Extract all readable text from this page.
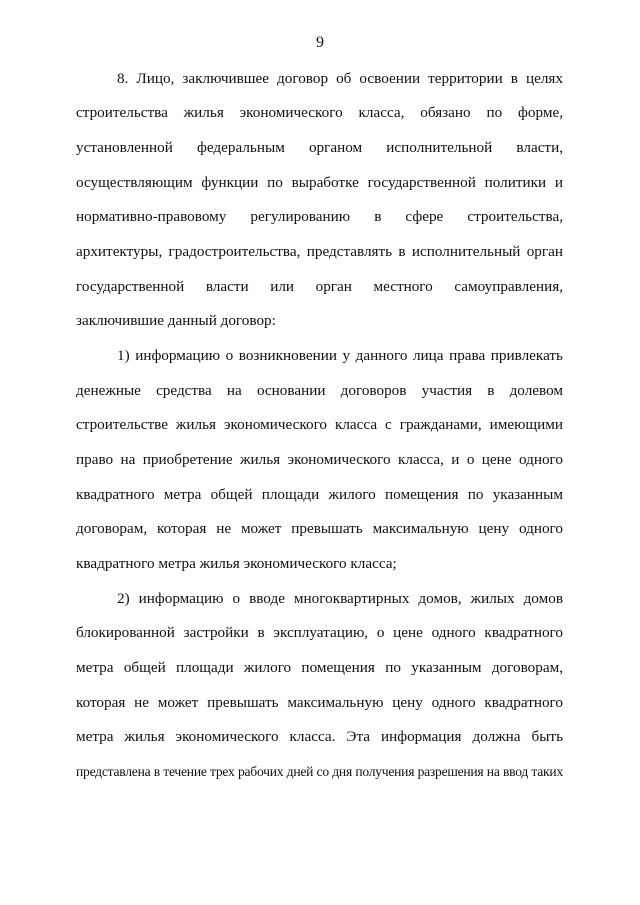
9
8. Лицо, заключившее договор об освоении территории в целях
строительства жилья экономического класса, обязано по форме,
установленной федеральным органом исполнительной власти,
осуществляющим функции по выработке государственной политики и
нормативно-правовому регулированию в сфере строительства,
архитектуры, градостроительства, представлять в исполнительный орган
государственной власти или орган местного самоуправления,
заключившие данный договор:
1) информацию о возникновении у данного лица права привлекать
денежные средства на основании договоров участия в долевом
строительстве жилья экономического класса с гражданами, имеющими
право на приобретение жилья экономического класса, и о цене одного
квадратного метра общей площади жилого помещения по указанным
договорам, которая не может превышать максимальную цену одного
квадратного метра жилья экономического класса;
2) информацию о вводе многоквартирных домов, жилых домов
блокированной застройки в эксплуатацию, о цене одного квадратного
метра общей площади жилого помещения по указанным договорам,
которая не может превышать максимальную цену одного квадратного
метра жилья экономического класса. Эта информация должна быть
представлена в течение трех рабочих дней со дня получения разрешения на ввод таких
